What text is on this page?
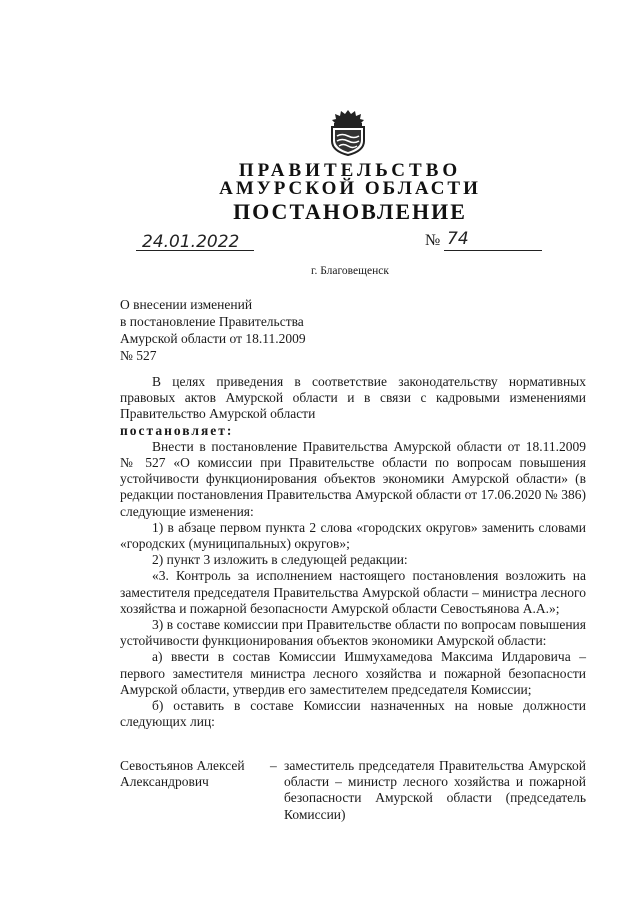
ПРАВИТЕЛЬСТВО
АМУРСКОЙ ОБЛАСТИ
ПОСТАНОВЛЕНИЕ
24.01.2022	№ 74
г. Благовещенск
О внесении изменений
в постановление Правительства
Амурской области от 18.11.2009
№ 527

В целях приведения в соответствие законодательству нормативных правовых актов Амурской области и в связи с кадровыми изменениями Правительство Амурской области

постановляет:

Внести в постановление Правительства Амурской области от 18.11.2009 № 527 «О комиссии при Правительстве области по вопросам повышения устойчивости функционирования объектов экономики Амурской области» (в редакции постановления Правительства Амурской области от 17.06.2020 № 386) следующие изменения:

1) в абзаце первом пункта 2 слова «городских округов» заменить словами «городских (муниципальных) округов»;

2) пункт 3 изложить в следующей редакции:

«3. Контроль за исполнением настоящего постановления возложить на заместителя председателя Правительства Амурской области – министра лесного хозяйства и пожарной безопасности Амурской области Севостьянова А.А.»;

3) в составе комиссии при Правительстве области по вопросам повышения устойчивости функционирования объектов экономики Амурской области:

а) ввести в состав Комиссии Ишмухамедова Максима Илдаровича – первого заместителя министра лесного хозяйства и пожарной безопасности Амурской области, утвердив его заместителем председателя Комиссии;

б) оставить в составе Комиссии назначенных на новые должности следующих лиц:

Севостьянов Алексей Александрович
– заместитель председателя Правительства Амурской области – министр лесного хозяйства и пожарной безопасности Амурской области (председатель Комиссии)
